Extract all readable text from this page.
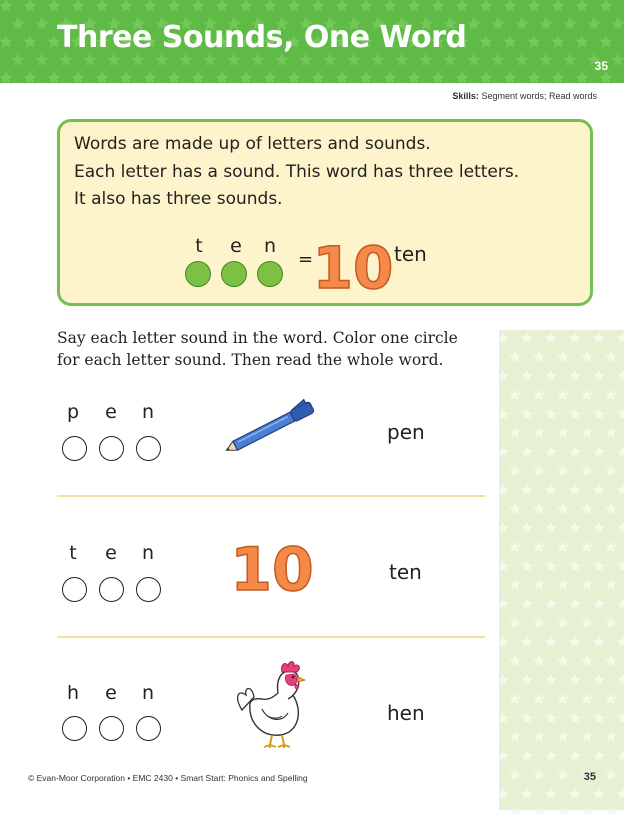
Three Sounds, One Word
35
Skills: Segment words; Read words
Words are made up of letters and sounds.
Each letter has a sound. This word has three letters.
It also has three sounds.
t	e n
= 10 ten
Say each letter sound in the word. Color one circle
for each letter sound. Then read the whole word.
p e n
pen
t	e n 10	ten
h e n
hen
© Evan-Moor Corporation • EMC 2430 • Smart Start: Phonics and Spelling	35
